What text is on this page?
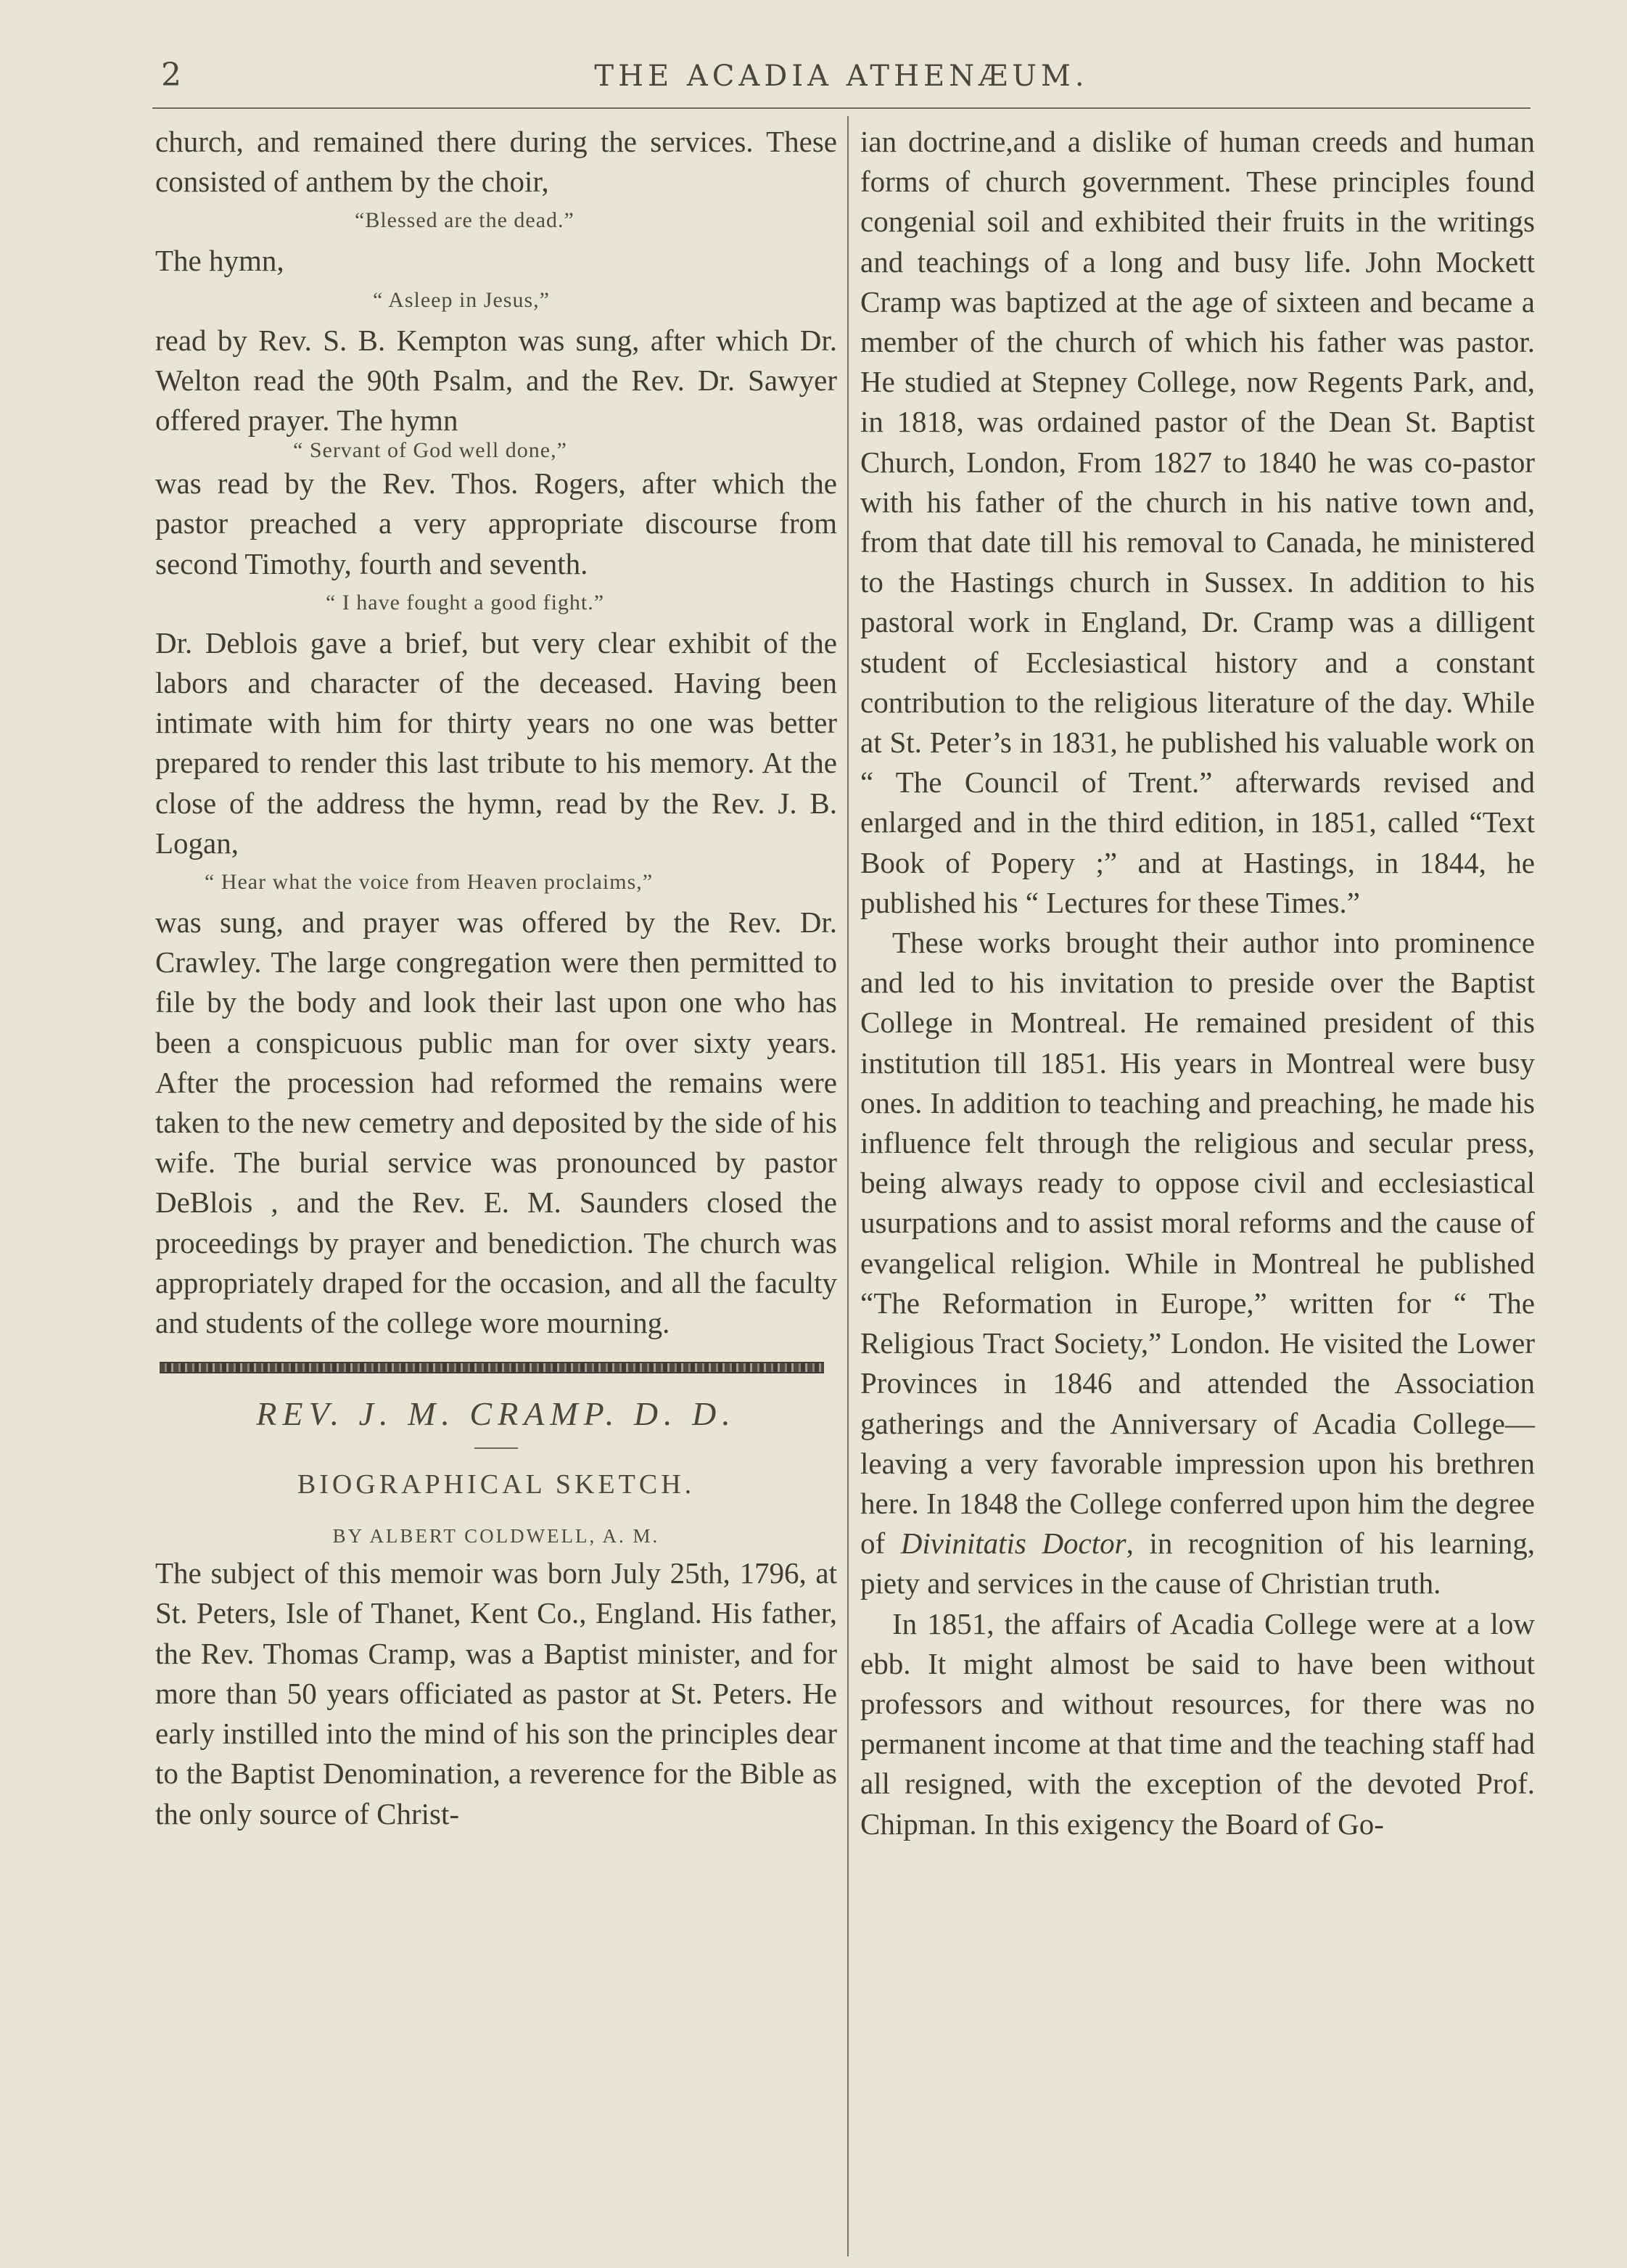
2	THE ACADIA ATHENÆUM.

church, and remained there during the services. These consisted of anthem by the choir,

“Blessed are the dead.”

The hymn,

“ Asleep in Jesus,”

read by Rev. S. B. Kempton was sung, after which Dr. Welton read the 90th Psalm, and the Rev. Dr. Sawyer offered prayer. The hymn

“ Servant of God well done,”

was read by the Rev. Thos. Rogers, after which the pastor preached a very appropriate discourse from second Timothy, fourth and seventh.

“ I have fought a good fight.”

Dr. Deblois gave a brief, but very clear exhibit of the labors and character of the deceased. Having been intimate with him for thirty years no one was better prepared to render this last tribute to his memory. At the close of the address the hymn, read by the Rev. J. B. Logan,

“ Hear what the voice from Heaven proclaims,”

was sung, and prayer was offered by the Rev. Dr. Crawley. The large congregation were then permitted to file by the body and look their last upon one who has been a conspicuous public man for over sixty years. After the procession had reformed the remains were taken to the new cemetry and deposited by the side of his wife. The burial service was pronounced by pastor DeBlois , and the Rev. E. M. Saunders closed the proceedings by prayer and benediction. The church was appropriately draped for the occasion, and all the faculty and students of the college wore mourning.

REV. J. M. CRAMP. D. D.
BIOGRAPHICAL SKETCH.
BY ALBERT COLDWELL, A. M.

The subject of this memoir was born July 25th, 1796, at St. Peters, Isle of Thanet, Kent Co., England. His father, the Rev. Thomas Cramp, was a Baptist minister, and for more than 50 years officiated as pastor at St. Peters. He early instilled into the mind of his son the principles dear to the Baptist Denomination, a reverence for the Bible as the only source of Christ-

ian doctrine,and a dislike of human creeds and human forms of church government. These principles found congenial soil and exhibited their fruits in the writings and teachings of a long and busy life. John Mockett Cramp was baptized at the age of sixteen and became a member of the church of which his father was pastor. He studied at Stepney College, now Regents Park, and, in 1818, was ordained pastor of the Dean St. Baptist Church, London, From 1827 to 1840 he was co-pastor with his father of the church in his native town and, from that date till his removal to Canada, he ministered to the Hastings church in Sussex. In addition to his pastoral work in England, Dr. Cramp was a dilligent student of Ecclesiastical history and a constant contribution to the religious literature of the day. While at St. Peter’s in 1831, he published his valuable work on “ The Council of Trent.” afterwards revised and enlarged and in the third edition, in 1851, called “Text Book of Popery ;” and at Hastings, in 1844, he published his “ Lectures for these Times.”

These works brought their author into prominence and led to his invitation to preside over the Baptist College in Montreal. He remained president of this institution till 1851. His years in Montreal were busy ones. In addition to teaching and preaching, he made his influence felt through the religious and secular press, being always ready to oppose civil and ecclesiastical usurpations and to assist moral reforms and the cause of evangelical religion. While in Montreal he published “The Reformation in Europe,” written for “ The Religious Tract Society,” London. He visited the Lower Provinces in 1846 and attended the Association gatherings and the Anniversary of Acadia College—leaving a very favorable impression upon his brethren here. In 1848 the College conferred upon him the degree of Divinitatis Doctor, in recognition of his learning, piety and services in the cause of Christian truth.

In 1851, the affairs of Acadia College were at a low ebb. It might almost be said to have been without professors and without resources, for there was no permanent income at that time and the teaching staff had all resigned, with the exception of the devoted Prof. Chipman. In this exigency the Board of Go-
